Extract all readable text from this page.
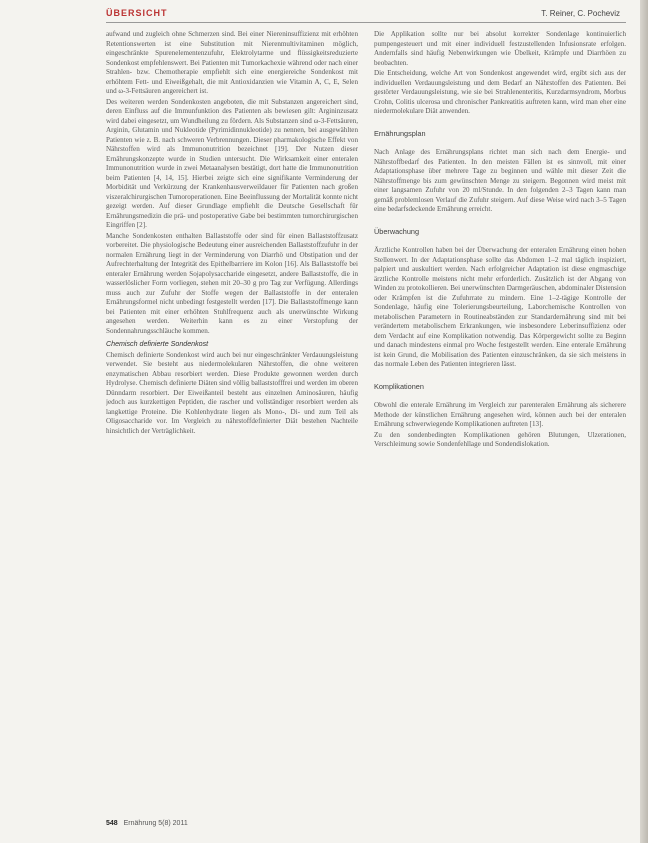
ÜBERSICHT	T. Reiner, C. Pocheviz

aufwand und zugleich ohne Schmerzen sind. Bei einer Niereninsuffizienz mit erhöhten Retentionswerten ist eine Substitution mit Nierenmultivitaminen möglich, eingeschränkte Spurenelementenzufuhr, Elektrolytarme und flüssigkeitsreduzierte Sondenkost empfehlenswert. Bei Patienten mit Tumorkachexie während oder nach einer Strahlen- bzw. Chemotherapie empfiehlt sich eine energiereiche Sondenkost mit erhöhtem Fett- und Eiweißgehalt, die mit Antioxidanzien wie Vitamin A, C, E, Selen und ω-3-Fettsäuren angereichert ist.

Des weiteren werden Sondenkosten angeboten, die mit Substanzen angereichert sind, deren Einfluss auf die Immunfunktion des Patienten als bewiesen gilt: Argininzusatz wird dabei eingesetzt, um Wundheilung zu fördern. Als Substanzen sind ω-3-Fettsäuren, Arginin, Glutamin und Nukleotide (Pyrimidinnukleotide) zu nennen, bei ausgewählten Patienten wie z. B. nach schweren Verbrennungen. Dieser pharmakologische Effekt von Nährstoffen wird als Immunonutrition bezeichnet [19]. Der Nutzen dieser Ernährungskonzepte wurde in Studien untersucht. Die Wirksamkeit einer enteralen Immunonutrition wurde in zwei Metaanalysen bestätigt, dort hatte die Immunonutrition beim Patienten [4, 14, 15]. Hierbei zeigte sich eine signifikante Verminderung der Morbidität und Verkürzung der Krankenhausverweildauer für Patienten nach großen viszeralchirurgischen Tumoroperationen. Eine Beeinflussung der Mortalität konnte nicht gezeigt werden. Auf dieser Grundlage empfiehlt die Deutsche Gesellschaft für Ernährungsmedizin die prä- und postoperative Gabe bei bestimmten tumorchirurgischen Eingriffen [2].

Manche Sondenkosten enthalten Ballaststoffe oder sind für einen Ballaststoffzusatz vorbereitet. Die physiologische Bedeutung einer ausreichenden Ballaststoffzufuhr in der normalen Ernährung liegt in der Verminderung von Diarrhö und Obstipation und der Aufrechterhaltung der Integrität des Epithelbarriere im Kolon [16]. Als Ballaststoffe bei enteraler Ernährung werden Sojapolysaccharide eingesetzt, andere Ballaststoffe, die in wasserlöslicher Form vorliegen, stehen mit 20–30 g pro Tag zur Verfügung. Allerdings muss auch zur Zufuhr der Stoffe wegen der Ballaststoffe in der enteralen Ernährungsformel nicht unbedingt festgestellt werden [17]. Die Ballaststoffmenge kann bei Patienten mit einer erhöhten Stuhlfrequenz auch als unerwünschte Wirkung angesehen werden. Weiterhin kann es zu einer Verstopfung der Sondennahrungsschläuche kommen.

Chemisch definierte Sondenkost

Chemisch definierte Sondenkost wird auch bei nur eingeschränkter Verdauungsleistung verwendet. Sie besteht aus niedermolekularen Nährstoffen, die ohne weiteren enzymatischen Abbau resorbiert werden. Diese Produkte gewonnen werden durch Hydrolyse. Chemisch definierte Diäten sind völlig ballaststofffrei und werden im oberen Dünndarm resorbiert. Der Eiweißanteil besteht aus einzelnen Aminosäuren, häufig jedoch aus kurzkettigen Peptiden, die rascher und vollständiger resorbiert werden als langkettige Proteine. Die Kohlenhydrate liegen als Mono-, Di- und zum Teil als Oligosaccharide vor. Im Vergleich zu nährstoffdefinierter Diät bestehen Nachteile hinsichtlich der Verträglichkeit.

Die Applikation sollte nur bei absolut korrekter Sondenlage kontinuierlich pumpengesteuert und mit einer individuell festzustellenden Infusionsrate erfolgen. Andernfalls sind häufig Nebenwirkungen wie Übelkeit, Krämpfe und Diarrhöen zu beobachten.

Die Entscheidung, welche Art von Sondenkost angewendet wird, ergibt sich aus der individuellen Verdauungsleistung und dem Bedarf an Nährstoffen des Patienten. Bei gestörter Verdauungsleistung, wie sie bei Strahlenenteritis, Kurzdarmsyndrom, Morbus Crohn, Colitis ulcerosa und chronischer Pankreatitis auftreten kann, wird man eher eine niedermolekulare Diät anwenden.

Ernährungsplan

Nach Anlage des Ernährungsplans richtet man sich nach dem Energie- und Nährstoffbedarf des Patienten. In den meisten Fällen ist es sinnvoll, mit einer Adaptationsphase über mehrere Tage zu beginnen und wähle mit dieser Zeit die Nährstoffmenge bis zum gewünschten Menge zu steigern. Begonnen wird meist mit einer langsamen Zufuhr von 20 ml/Stunde. In den folgenden 2–3 Tagen kann man gemäß problemlosen Verlauf die Zufuhr steigern. Auf diese Weise wird nach 3–5 Tagen eine bedarfsdeckende Ernährung erreicht.

Überwachung

Ärztliche Kontrollen haben bei der Überwachung der enteralen Ernährung einen hohen Stellenwert. In der Adaptationsphase sollte das Abdomen 1–2 mal täglich inspiziert, palpiert und auskultiert werden. Nach erfolgreicher Adaptation ist diese engmaschige ärztliche Kontrolle meistens nicht mehr erforderlich. Zusätzlich ist der Abgang von Winden zu protokollieren. Bei unerwünschten Darmgeräuschen, abdominaler Distension oder Krämpfen ist die Zufuhrrate zu mindern. Eine 1–2-tägige Kontrolle der Sondenlage, häufig eine Tolerierungsbeurteilung, Laborchemische Kontrollen von metabolischen Parametern in Routineabständen zur Standardernährung sind mit bei verändertem metabolischem Erkrankungen, wie insbesondere Leberinsuffizienz oder dem Verdacht auf eine Komplikation notwendig. Das Körpergewicht sollte zu Beginn und danach mindestens einmal pro Woche festgestellt werden. Eine enterale Ernährung ist kein Grund, die Mobilisation des Patienten einzuschränken, da sie sich meistens in das normale Leben des Patienten integrieren lässt.

Komplikationen

Obwohl die enterale Ernährung im Vergleich zur parenteralen Ernährung als sicherere Methode der künstlichen Ernährung angesehen wird, können auch bei der enteralen Ernährung schwerwiegende Komplikationen auftreten [13].

Zu den sondenbedingten Komplikationen gehören Blutungen, Ulzerationen, Verschleimung sowie Sondenfehllage und Sondendislokation.

548 Ernährung 5(8) 2011
